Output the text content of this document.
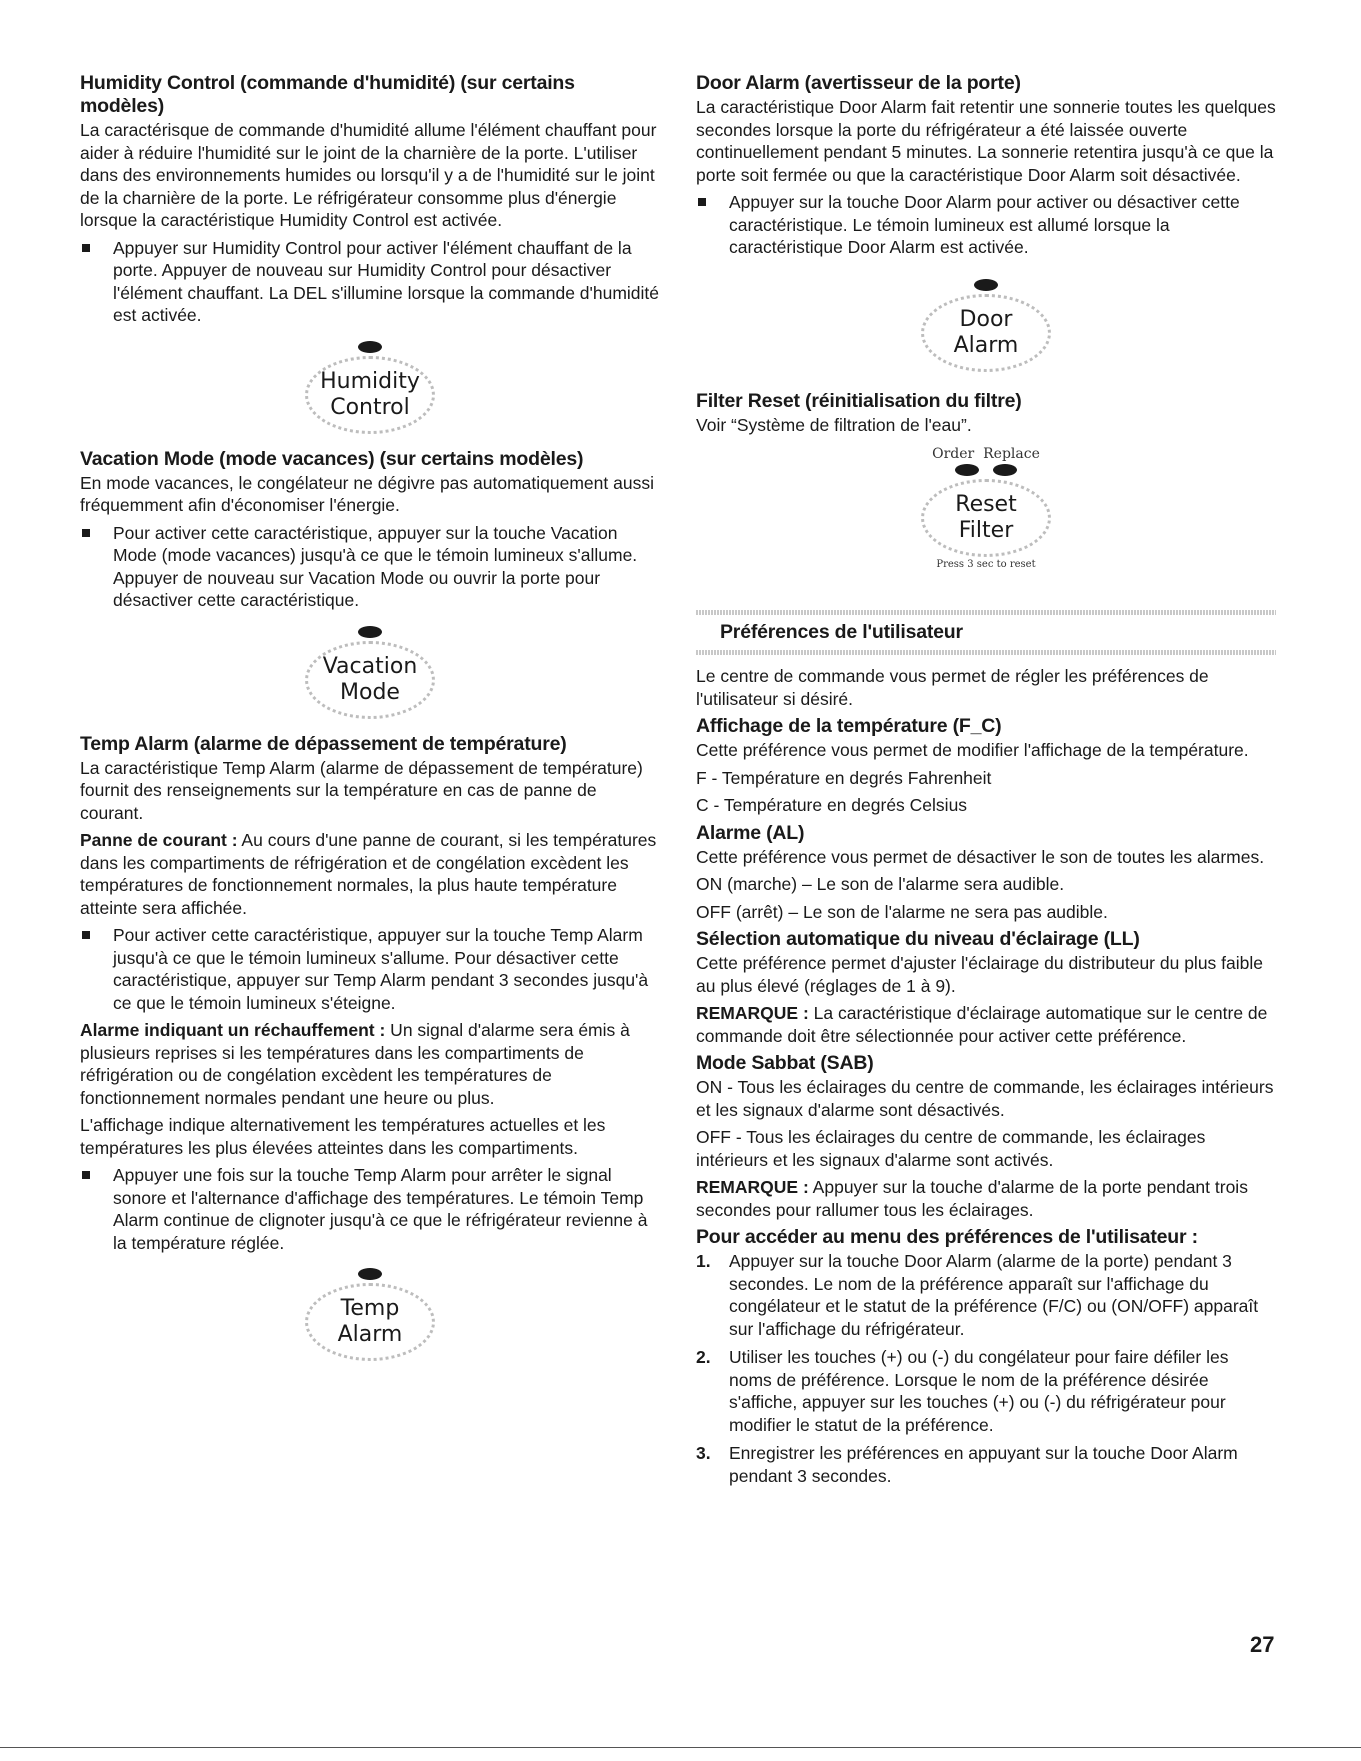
Humidity Control (commande d'humidité) (sur certains modèles)

La caractérisque de commande d'humidité allume l'élément chauffant pour aider à réduire l'humidité sur le joint de la charnière de la porte. L'utiliser dans des environnements humides ou lorsqu'il y a de l'humidité sur le joint de la charnière de la porte. Le réfrigérateur consomme plus d'énergie lorsque la caractéristique Humidity Control est activée.

Appuyer sur Humidity Control pour activer l'élément chauffant de la porte. Appuyer de nouveau sur Humidity Control pour désactiver l'élément chauffant. La DEL s'illumine lorsque la commande d'humidité est activée.
Humidity
Control
Vacation Mode (mode vacances) (sur certains modèles)

En mode vacances, le congélateur ne dégivre pas automatiquement aussi fréquemment afin d'économiser l'énergie.

Pour activer cette caractéristique, appuyer sur la touche Vacation Mode (mode vacances) jusqu'à ce que le témoin lumineux s'allume. Appuyer de nouveau sur Vacation Mode ou ouvrir la porte pour désactiver cette caractéristique.
Vacation
Mode
Temp Alarm (alarme de dépassement de température)

La caractéristique Temp Alarm (alarme de dépassement de température) fournit des renseignements sur la température en cas de panne de courant.

Panne de courant : Au cours d'une panne de courant, si les températures dans les compartiments de réfrigération et de congélation excèdent les températures de fonctionnement normales, la plus haute température atteinte sera affichée.

Pour activer cette caractéristique, appuyer sur la touche Temp Alarm jusqu'à ce que le témoin lumineux s'allume. Pour désactiver cette caractéristique, appuyer sur Temp Alarm pendant 3 secondes jusqu'à ce que le témoin lumineux s'éteigne.

Alarme indiquant un réchauffement : Un signal d'alarme sera émis à plusieurs reprises si les températures dans les compartiments de réfrigération ou de congélation excèdent les températures de fonctionnement normales pendant une heure ou plus.

L'affichage indique alternativement les températures actuelles et les températures les plus élevées atteintes dans les compartiments.

Appuyer une fois sur la touche Temp Alarm pour arrêter le signal sonore et l'alternance d'affichage des températures. Le témoin Temp Alarm continue de clignoter jusqu'à ce que le réfrigérateur revienne à la température réglée.
Temp
Alarm
Door Alarm (avertisseur de la porte)

La caractéristique Door Alarm fait retentir une sonnerie toutes les quelques secondes lorsque la porte du réfrigérateur a été laissée ouverte continuellement pendant 5 minutes. La sonnerie retentira jusqu'à ce que la porte soit fermée ou que la caractéristique Door Alarm soit désactivée.

Appuyer sur la touche Door Alarm pour activer ou désactiver cette caractéristique. Le témoin lumineux est allumé lorsque la caractéristique Door Alarm est activée.
Door
Alarm
Filter Reset (réinitialisation du filtre)

Voir “Système de filtration de l'eau”.

Order Replace
Reset
Filter
Press 3 sec to reset
Préférences de l'utilisateur

Le centre de commande vous permet de régler les préférences de l'utilisateur si désiré.

Affichage de la température (F_C)

Cette préférence vous permet de modifier l'affichage de la température.

F - Température en degrés Fahrenheit

C - Température en degrés Celsius

Alarme (AL)

Cette préférence vous permet de désactiver le son de toutes les alarmes.

ON (marche) – Le son de l'alarme sera audible.

OFF (arrêt) – Le son de l'alarme ne sera pas audible.

Sélection automatique du niveau d'éclairage (LL)

Cette préférence permet d'ajuster l'éclairage du distributeur du plus faible au plus élevé (réglages de 1 à 9).

REMARQUE : La caractéristique d'éclairage automatique sur le centre de commande doit être sélectionnée pour activer cette préférence.

Mode Sabbat (SAB)

ON - Tous les éclairages du centre de commande, les éclairages intérieurs et les signaux d'alarme sont désactivés.

OFF - Tous les éclairages du centre de commande, les éclairages intérieurs et les signaux d'alarme sont activés.

REMARQUE : Appuyer sur la touche d'alarme de la porte pendant trois secondes pour rallumer tous les éclairages.

Pour accéder au menu des préférences de l'utilisateur :
1. Appuyer sur la touche Door Alarm (alarme de la porte) pendant 3 secondes. Le nom de la préférence apparaît sur l'affichage du congélateur et le statut de la préférence (F/C) ou (ON/OFF) apparaît sur l'affichage du réfrigérateur.
2. Utiliser les touches (+) ou (-) du congélateur pour faire défiler les noms de préférence. Lorsque le nom de la préférence désirée s'affiche, appuyer sur les touches (+) ou (-) du réfrigérateur pour modifier le statut de la préférence.
3. Enregistrer les préférences en appuyant sur la touche Door Alarm pendant 3 secondes.
27
